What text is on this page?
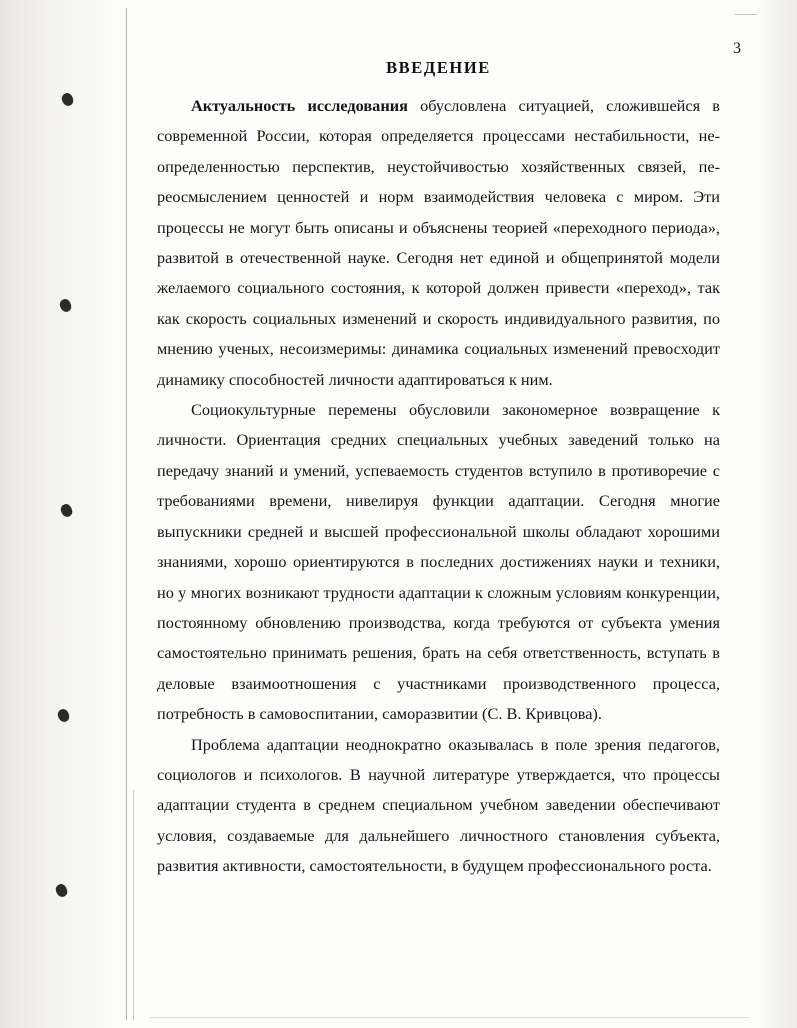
3
ВВЕДЕНИЕ

Актуальность исследования обусловлена ситуацией, сложившейся в современной России, которая определяется процессами нестабильности, неопределенностью перспектив, неустойчивостью хозяйственных связей, переосмыслением ценностей и норм взаимодействия человека с миром. Эти процессы не могут быть описаны и объяснены теорией «переходного периода», развитой в отечественной науке. Сегодня нет единой и общепринятой модели желаемого социального состояния, к которой должен привести «переход», так как скорость социальных изменений и скорость индивидуального развития, по мнению ученых, несоизмеримы: динамика социальных изменений превосходит динамику способностей личности адаптироваться к ним.

Социокультурные перемены обусловили закономерное возвращение к личности. Ориентация средних специальных учебных заведений только на передачу знаний и умений, успеваемость студентов вступило в противоречие с требованиями времени, нивелируя функции адаптации. Сегодня многие выпускники средней и высшей профессиональной школы обладают хорошими знаниями, хорошо ориентируются в последних достижениях науки и техники, но у многих возникают трудности адаптации к сложным условиям конкуренции, постоянному обновлению производства, когда требуются от субъекта умения самостоятельно принимать решения, брать на себя ответственность, вступать в деловые взаимоотношения с участниками производственного процесса, потребность в самовоспитании, саморазвитии (С. В. Кривцова).

Проблема адаптации неоднократно оказывалась в поле зрения педагогов, социологов и психологов. В научной литературе утверждается, что процессы адаптации студента в среднем специальном учебном заведении обеспечивают условия, создаваемые для дальнейшего личностного становления субъекта, развития активности, самостоятельности, в будущем профессионального роста.
